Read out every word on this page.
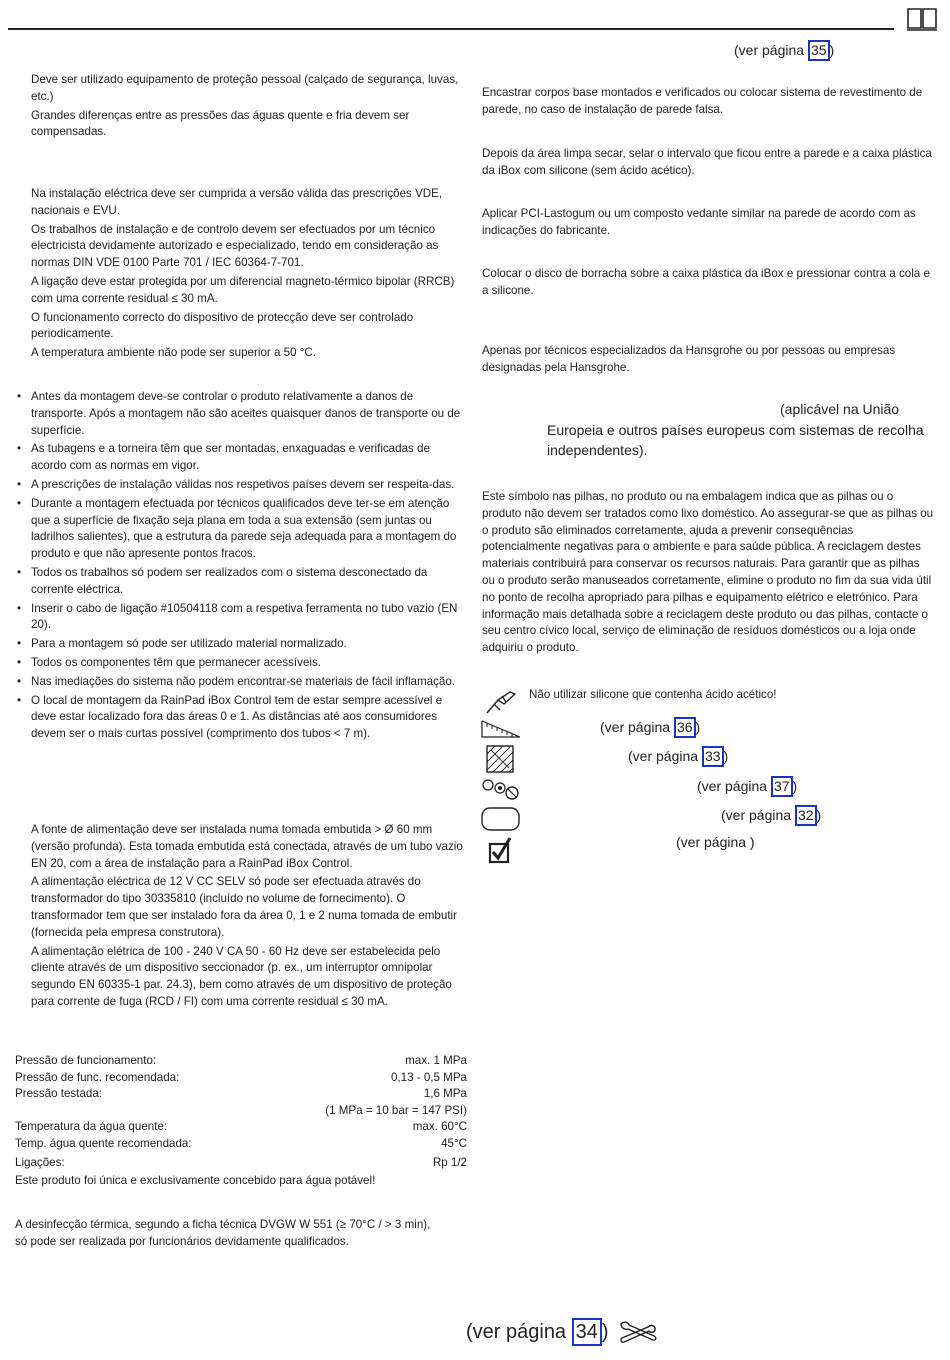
(ver página 35 )

Deve ser utilizado equipamento de proteção pessoal (calçado de segurança, luvas, etc.)

Grandes diferenças entre as pressões das águas quente e fria devem ser compensadas.

Na instalação eléctrica deve ser cumprida a versão válida das prescrições VDE, nacionais e EVU.

Os trabalhos de instalação e de controlo devem ser efectuados por um técnico electricista devidamente autorizado e especializado, tendo em consideração as normas DIN VDE 0100 Parte 701 / IEC 60364-7-701.

A ligação deve estar protegida por um diferencial magneto-térmico bipolar (RRCB) com uma corrente residual ≤ 30 mA.

O funcionamento correcto do dispositivo de protecção deve ser controlado periodicamente.

A temperatura ambiente não pode ser superior a 50 °C.

• Antes da montagem deve-se controlar o produto relativamente a danos de transporte. Após a montagem não são aceites quaisquer danos de transporte ou de superfície.
• As tubagens e a torneira têm que ser montadas, enxaguadas e verificadas de acordo com as normas em vigor.
• A prescrições de instalação válidas nos respetivos países devem ser respeita-das.
• Durante a montagem efectuada por técnicos qualificados deve ter-se em atenção que a superfície de fixação seja plana em toda a sua extensão (sem juntas ou ladrilhos salientes), que a estrutura da parede seja adequada para a montagem do produto e que não apresente pontos fracos.
• Todos os trabalhos só podem ser realizados com o sistema desconectado da corrente eléctrica.
• Inserir o cabo de ligação #10504118 com a respetiva ferramenta no tubo vazio (EN 20).
• Para a montagem só pode ser utilizado material normalizado.
• Todos os componentes têm que permanecer acessíveis.
• Nas imediações do sistema não podem encontrar-se materiais de fácil inflamação.
• O local de montagem da RainPad iBox Control tem de estar sempre acessível e deve estar localizado fora das áreas 0 e 1. As distâncias até aos consumidores devem ser o mais curtas possível (comprimento dos tubos < 7 m).

A fonte de alimentação deve ser instalada numa tomada embutida > Ø 60 mm (versão profunda). Esta tomada embutida está conectada, através de um tubo vazio EN 20, com a área de instalação para a RainPad iBox Control.

A alimentação eléctrica de 12 V CC SELV só pode ser efectuada através do transformador do tipo 30335810 (incluído no volume de fornecimento). O transformador tem que ser instalado fora da área 0, 1 e 2 numa tomada de embutir (fornecida pela empresa construtora).

A alimentação elétrica de 100 - 240 V CA 50 - 60 Hz deve ser estabelecida pelo cliente através de um dispositivo seccionador (p. ex., um interruptor omnipolar segundo EN 60335-1 par. 24.3), bem como através de um dispositivo de proteção para corrente de fuga (RCD / FI) com uma corrente residual ≤ 30 mA.

Pressão de funcionamento:	max. 1 MPa
Pressão de func. recomendada:	0,13 - 0,5 MPa
Pressão testada:	1,6 MPa
(1 MPa = 10 bar = 147 PSI)
Temperatura da água quente:	max. 60°C
Temp. água quente recomendada:	45°C
Ligações:	Rp 1/2
Este produto foi única e exclusivamente concebido para água potável!
A desinfecção térmica, segundo a ficha técnica DVGW W 551 (≥ 70°C / > 3 min), só pode ser realizada por funcionários devidamente qualificados.
Encastrar corpos base montados e verificados ou colocar sistema de revestimento de parede, no caso de instalação de parede falsa.
Depois da área limpa secar, selar o intervalo que ficou entre a parede e a caixa plástica da iBox com silicone (sem ácido acético).
Aplicar PCI-Lastogum ou um composto vedante similar na parede de acordo com as indicações do fabricante.
Colocar o disco de borracha sobre a caixa plástica da iBox e pressionar contra a cola e a silicone.
Apenas por técnicos especializados da Hansgrohe ou por pessoas ou empresas designadas pela Hansgrohe.
(aplicável na União
Europeia e outros países europeus com sistemas de recolha
independentes).
Este símbolo nas pilhas, no produto ou na embalagem indica que as pilhas ou o produto não devem ser tratados como lixo doméstico. Ao assegurar-se que as pilhas ou o produto são eliminados corretamente, ajuda a prevenir consequências potencialmente negativas para o ambiente e para saúde pública. A reciclagem destes materiais contribuirá para conservar os recursos naturais. Para garantir que as pilhas ou o produto serão manuseados corretamente, elimine o produto no fim da sua vida útil no ponto de recolha apropriado para pilhas e equipamento elétrico e eletrónico. Para informação mais detalhada sobre a reciclagem deste produto ou das pilhas, contacte o seu centro cívico local, serviço de eliminação de resíduos domésticos ou a loja onde adquiriu o produto.
Não utilizar silicone que contenha ácido acético!
(ver página 36 )
(ver página 33 )
(ver página 37 )
(ver página 32 )
(ver página )
(ver página 34 )
